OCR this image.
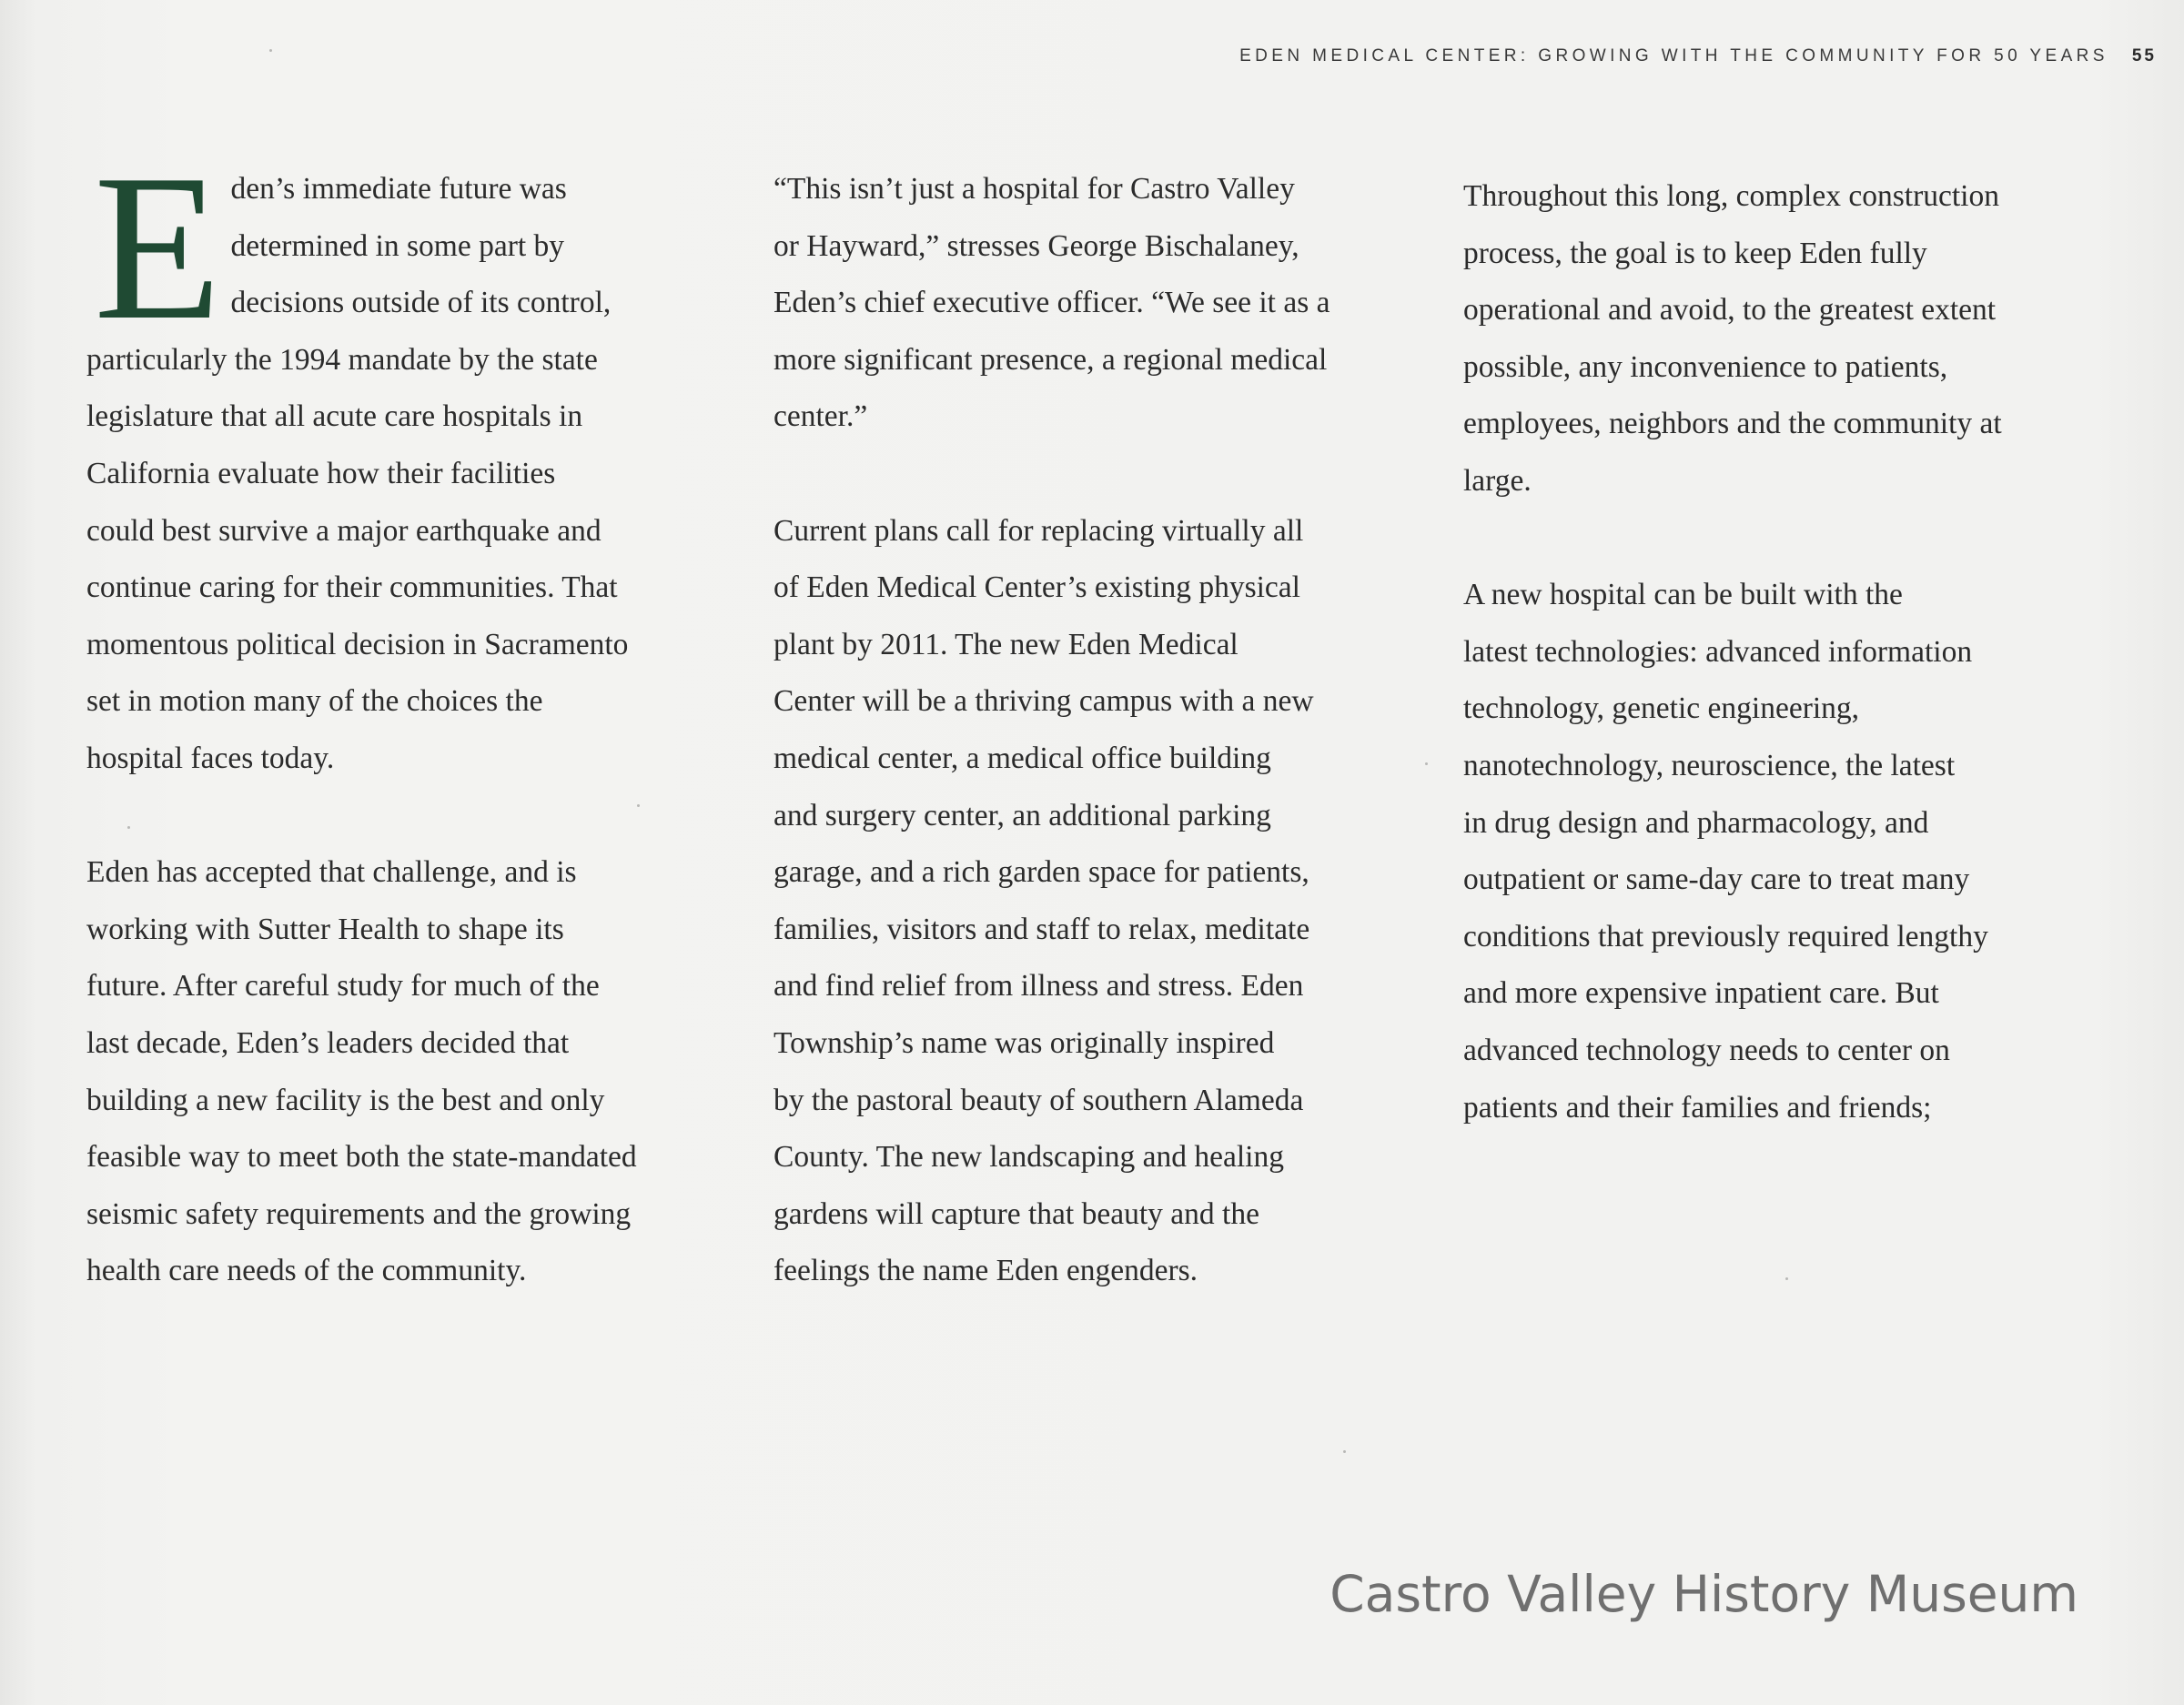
EDEN MEDICAL CENTER: GROWING WITH THE COMMUNITY FOR 50 YEARS 55
E den’s immediate future was
determined in some part by
decisions outside of its control,
particularly the 1994 mandate by the state
legislature that all acute care hospitals in
California evaluate how their facilities
could best survive a major earthquake and
continue caring for their communities. That
momentous political decision in Sacramento
set in motion many of the choices the
hospital faces today.
Eden has accepted that challenge, and is
working with Sutter Health to shape its
future. After careful study for much of the
last decade, Eden’s leaders decided that
building a new facility is the best and only
feasible way to meet both the state-mandated
seismic safety requirements and the growing
health care needs of the community.
“This isn’t just a hospital for Castro Valley
or Hayward,” stresses George Bischalaney,
Eden’s chief executive officer. “We see it as a
more significant presence, a regional medical
center.”
Current plans call for replacing virtually all
of Eden Medical Center’s existing physical
plant by 2011. The new Eden Medical
Center will be a thriving campus with a new
medical center, a medical office building
and surgery center, an additional parking
garage, and a rich garden space for patients,
families, visitors and staff to relax, meditate
and find relief from illness and stress. Eden
Township’s name was originally inspired
by the pastoral beauty of southern Alameda
County. The new landscaping and healing
gardens will capture that beauty and the
feelings the name Eden engenders.
Throughout this long, complex construction
process, the goal is to keep Eden fully
operational and avoid, to the greatest extent
possible, any inconvenience to patients,
employees, neighbors and the community at
large.
A new hospital can be built with the
latest technologies: advanced information
technology, genetic engineering,
nanotechnology, neuroscience, the latest
in drug design and pharmacology, and
outpatient or same-day care to treat many
conditions that previously required lengthy
and more expensive inpatient care. But
advanced technology needs to center on
patients and their families and friends;
Castro Valley History Museum
